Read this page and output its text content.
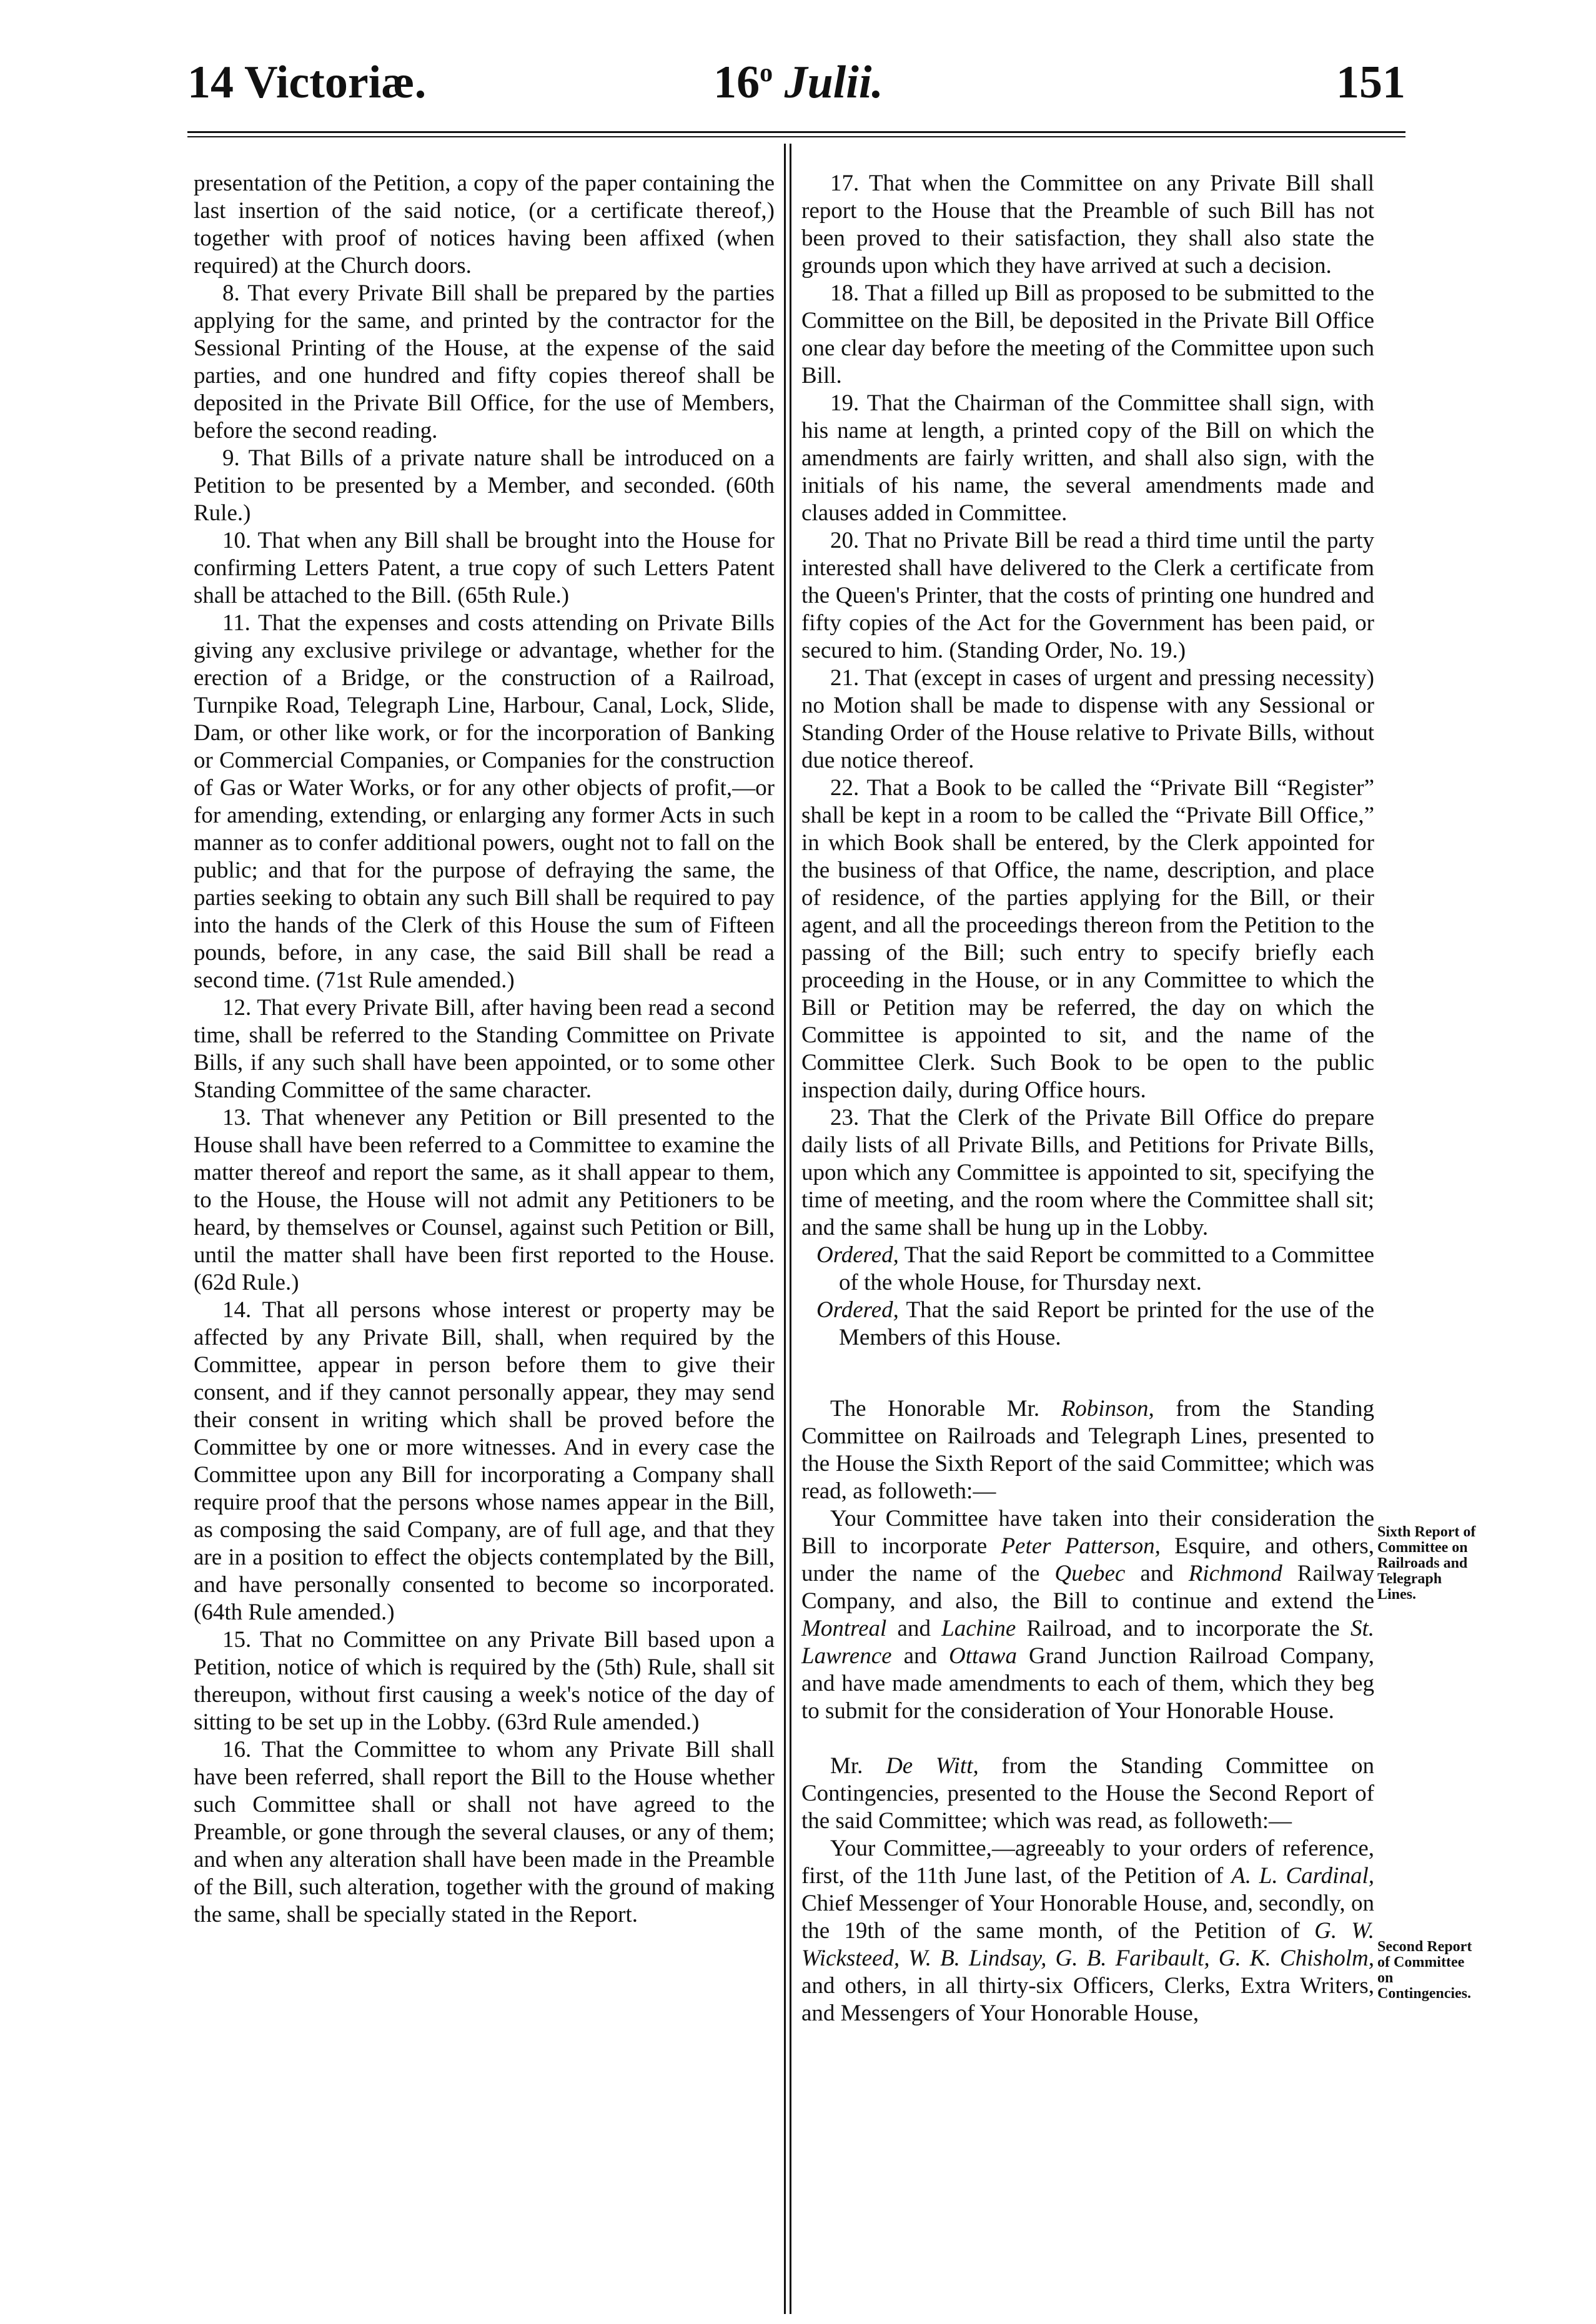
14 Victoriæ.	16$^o$ Julii.	151

presentation of the Petition, a copy of the paper containing the last insertion of the said notice, (or a certificate thereof,) together with proof of notices having been affixed (when required) at the Church doors.

8. That every Private Bill shall be prepared by the parties applying for the same, and printed by the contractor for the Sessional Printing of the House, at the expense of the said parties, and one hundred and fifty copies thereof shall be deposited in the Private Bill Office, for the use of Members, before the second reading.

9. That Bills of a private nature shall be introduced on a Petition to be presented by a Member, and seconded. (60th Rule.)

10. That when any Bill shall be brought into the House for confirming Letters Patent, a true copy of such Letters Patent shall be attached to the Bill. (65th Rule.)

11. That the expenses and costs attending on Private Bills giving any exclusive privilege or advantage, whether for the erection of a Bridge, or the construction of a Railroad, Turnpike Road, Telegraph Line, Harbour, Canal, Lock, Slide, Dam, or other like work, or for the incorporation of Banking or Commercial Companies, or Companies for the construction of Gas or Water Works, or for any other objects of profit,—or for amending, extending, or enlarging any former Acts in such manner as to confer additional powers, ought not to fall on the public; and that for the purpose of defraying the same, the parties seeking to obtain any such Bill shall be required to pay into the hands of the Clerk of this House the sum of Fifteen pounds, before, in any case, the said Bill shall be read a second time. (71st Rule amended.)

12. That every Private Bill, after having been read a second time, shall be referred to the Standing Committee on Private Bills, if any such shall have been appointed, or to some other Standing Committee of the same character.

13. That whenever any Petition or Bill presented to the House shall have been referred to a Committee to examine the matter thereof and report the same, as it shall appear to them, to the House, the House will not admit any Petitioners to be heard, by themselves or Counsel, against such Petition or Bill, until the matter shall have been first reported to the House. (62d Rule.)

14. That all persons whose interest or property may be affected by any Private Bill, shall, when required by the Committee, appear in person before them to give their consent, and if they cannot personally appear, they may send their consent in writing which shall be proved before the Committee by one or more witnesses. And in every case the Committee upon any Bill for incorporating a Company shall require proof that the persons whose names appear in the Bill, as composing the said Company, are of full age, and that they are in a position to effect the objects contemplated by the Bill, and have personally consented to become so incorporated. (64th Rule amended.)

15. That no Committee on any Private Bill based upon a Petition, notice of which is required by the (5th) Rule, shall sit thereupon, without first causing a week's notice of the day of sitting to be set up in the Lobby. (63rd Rule amended.)

16. That the Committee to whom any Private Bill shall have been referred, shall report the Bill to the House whether such Committee shall or shall not have agreed to the Preamble, or gone through the several clauses, or any of them; and when any alteration shall have been made in the Preamble of the Bill, such alteration, together with the ground of making the same, shall be specially stated in the Report.

17. That when the Committee on any Private Bill shall report to the House that the Preamble of such Bill has not been proved to their satisfaction, they shall also state the grounds upon which they have arrived at such a decision.

18. That a filled up Bill as proposed to be submitted to the Committee on the Bill, be deposited in the Private Bill Office one clear day before the meeting of the Committee upon such Bill.

19. That the Chairman of the Committee shall sign, with his name at length, a printed copy of the Bill on which the amendments are fairly written, and shall also sign, with the initials of his name, the several amendments made and clauses added in Committee.

20. That no Private Bill be read a third time until the party interested shall have delivered to the Clerk a certificate from the Queen's Printer, that the costs of printing one hundred and fifty copies of the Act for the Government has been paid, or secured to him. (Standing Order, No. 19.)

21. That (except in cases of urgent and pressing necessity) no Motion shall be made to dispense with any Sessional or Standing Order of the House relative to Private Bills, without due notice thereof.

22. That a Book to be called the “Private Bill “Register” shall be kept in a room to be called the “Private Bill Office,” in which Book shall be entered, by the Clerk appointed for the business of that Office, the name, description, and place of residence, of the parties applying for the Bill, or their agent, and all the proceedings thereon from the Petition to the passing of the Bill; such entry to specify briefly each proceeding in the House, or in any Committee to which the Bill or Petition may be referred, the day on which the Committee is appointed to sit, and the name of the Committee Clerk. Such Book to be open to the public inspection daily, during Office hours.

23. That the Clerk of the Private Bill Office do prepare daily lists of all Private Bills, and Petitions for Private Bills, upon which any Committee is appointed to sit, specifying the time of meeting, and the room where the Committee shall sit; and the same shall be hung up in the Lobby.

Ordered, That the said Report be committed to a Committee of the whole House, for Thursday next.

Ordered, That the said Report be printed for the use of the Members of this House.

The Honorable Mr. Robinson, from the Standing Committee on Railroads and Telegraph Lines, presented to the House the Sixth Report of the said Committee; which was read, as followeth:—

Your Committee have taken into their consideration the Bill to incorporate Peter Patterson, Esquire, and others, under the name of the Quebec and Richmond Railway Company, and also, the Bill to continue and extend the Montreal and Lachine Railroad, and to incorporate the St. Lawrence and Ottawa Grand Junction Railroad Company, and have made amendments to each of them, which they beg to submit for the consideration of Your Honorable House.

Mr. De Witt, from the Standing Committee on Contingencies, presented to the House the Second Report of the said Committee; which was read, as followeth:—

Your Committee,—agreeably to your orders of reference, first, of the 11th June last, of the Petition of A. L. Cardinal, Chief Messenger of Your Honorable House, and, secondly, on the 19th of the same month, of the Petition of G. W. Wicksteed, W. B. Lindsay, G. B. Faribault, G. K. Chisholm, and others, in all thirty-six Officers, Clerks, Extra Writers, and Messengers of Your Honorable House,

Sixth Report of Committee on Railroads and Telegraph Lines.
Second Report of Committee on Contingencies.
